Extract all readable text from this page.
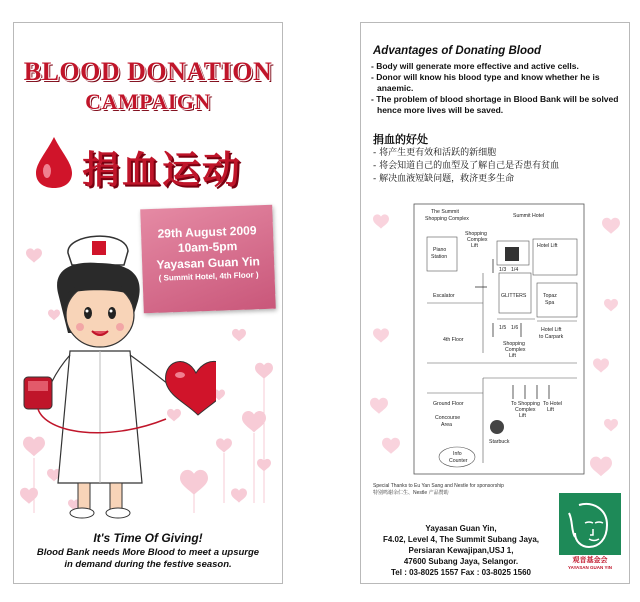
BLOOD DONATION
CAMPAIGN
捐血运动
29th August 2009
10am-5pm
Yayasan Guan Yin
( Summit Hotel, 4th Floor )
It's Time Of Giving!
Blood Bank needs More Blood to meet a upsurge
in demand during the festive season.
Advantages of Donating Blood
- Body will generate more effective and active cells.
- Donor will know his blood type and know whether he is anaemic.
- The problem of blood shortage in Blood Bank will be solved hence more lives will be saved.
捐血的好处
- 将产生更有效和活跃的新细胞
- 将会知道自己的血型及了解自己是否患有贫血
- 解决血液短缺问题，救济更多生命
The Summit
Shopping Complex	Summit Hotel
Shopping
Complex
Lift	Hotel Lift
Piano
Station
Topaz
Spa
Escalator	GLITTERS
Hotel Lift
to Carpark
4th Floor
Shopping
Complex
Lift
Ground Floor
Concourse
Area
To Shopping
Complex
Lift
To Hotel
Lift
Starbuck
Info
Counter
1/3 1/4
1/5 1/6
Special Thanks to Eu Yan Sang and Nestle for sponsorship
特别鸣谢余仁生、Nestle 产品赞助
Yayasan Guan Yin,
F4.02, Level 4, The Summit Subang Jaya,
Persiaran Kewajipan,USJ 1,
47600 Subang Jaya, Selangor.
Tel : 03-8025 1557 Fax : 03-8025 1560
观音基金会
YAYASAN GUAN YIN
